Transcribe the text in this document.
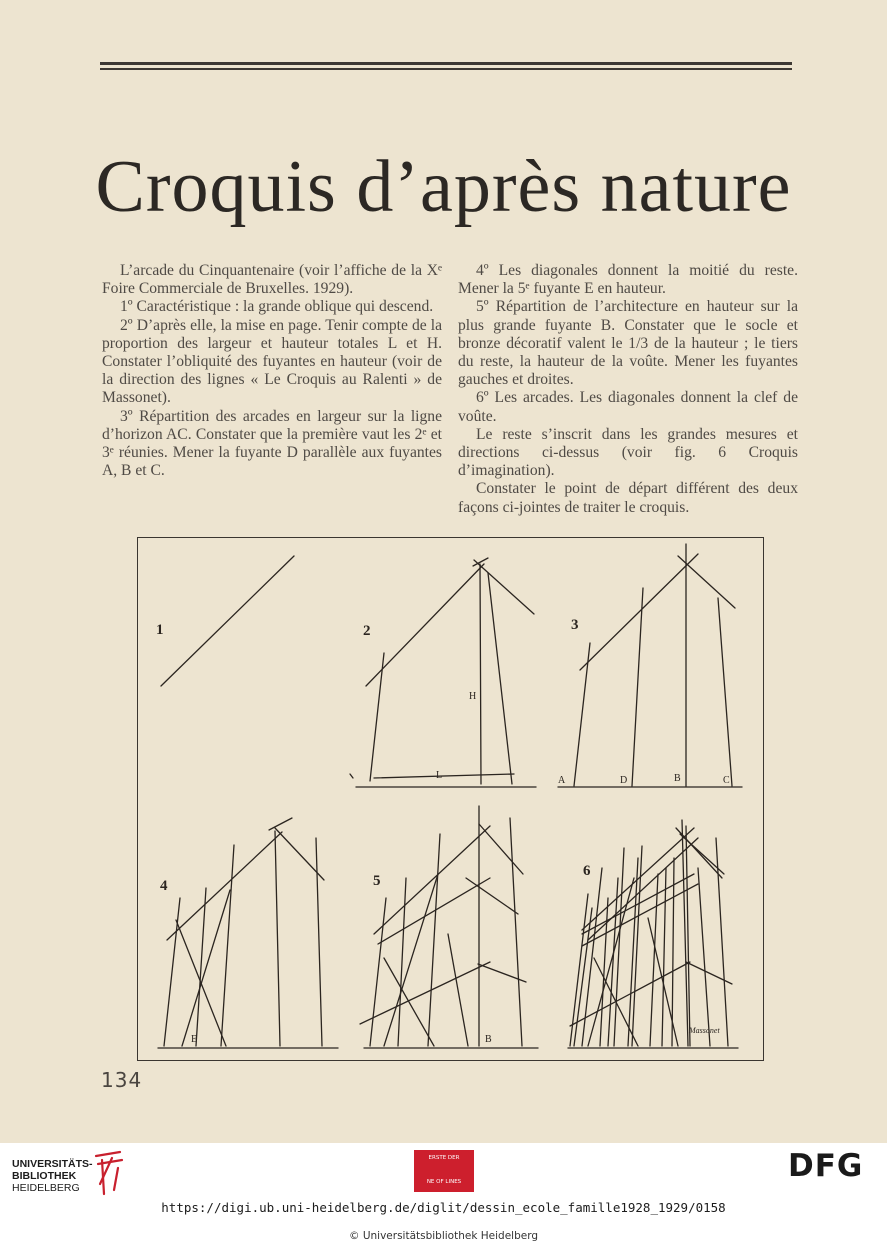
Croquis d’après nature

L’arcade du Cinquantenaire (voir l’affiche de la Xᵉ Foire Commerciale de Bruxelles. 1929).

1º Caractéristique : la grande oblique qui descend.

2º D’après elle, la mise en page. Tenir compte de la proportion des largeur et hauteur totales L et H. Constater l’obliquité des fuyantes en hauteur (voir de la direction des lignes « Le Croquis au Ralenti » de Massonet).

3º Répartition des arcades en largeur sur la ligne d’horizon AC. Constater que la première vaut les 2ᵉ et 3ᵉ réunies. Mener la fuyante D parallèle aux fuyantes A, B et C.

4º Les diagonales donnent la moitié du reste. Mener la 5ᵉ fuyante E en hauteur.

5º Répartition de l’architecture en hauteur sur la plus grande fuyante B. Constater que le socle et bronze décoratif valent le 1/3 de la hauteur ; le tiers du reste, la hauteur de la voûte. Mener les fuyantes gauches et droites.

6º Les arcades. Les diagonales donnent la clef de voûte.

Le reste s’inscrit dans les grandes mesures et directions ci-dessus (voir fig. 6 Croquis d’imagination).

Constater le point de départ différent des deux façons ci-jointes de traiter le croquis.

1	2	3
4	5
6
H
L	A	D	B	C
E	B
Massonet
134
UNIVERSITÄTS-
BIBLIOTHEK
HEIDELBERG
ERSTE DER
NE OF LINES	DFG
https://digi.ub.uni-heidelberg.de/diglit/dessin_ecole_famille1928_1929/0158
© Universitätsbibliothek Heidelberg
